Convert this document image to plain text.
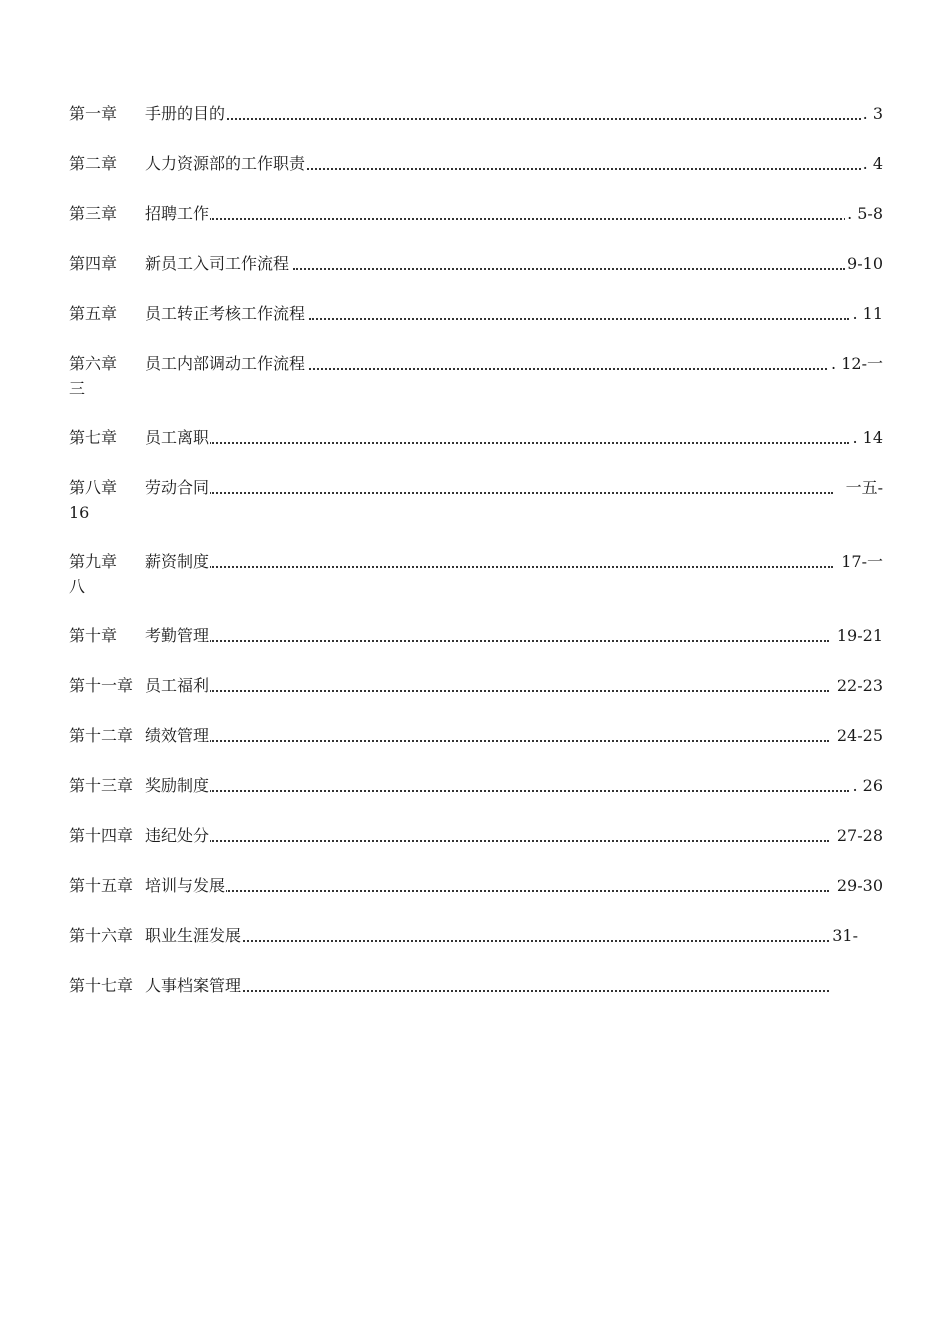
第一章 手册的目的	. 3
第二章 人力资源部的工作职责	. 4
第三章 招聘工作	. 5-8
第四章 新员工入司工作流程	9-10
第五章 员工转正考核工作流程	. 11
第六章 员工内部调动工作流程	. 12-一
三
第七章 员工离职	. 14
第八章 劳动合同	一五-
16
第九章 薪资制度	17-一
八
第十章 考勤管理	19-21
第十一章 员工福利	22-23
第十二章 绩效管理	24-25
第十三章 奖励制度	. 26
第十四章 违纪处分	27-28
第十五章 培训与发展	29-30
第十六章 职业生涯发展	31-
第十七章 人事档案管理
